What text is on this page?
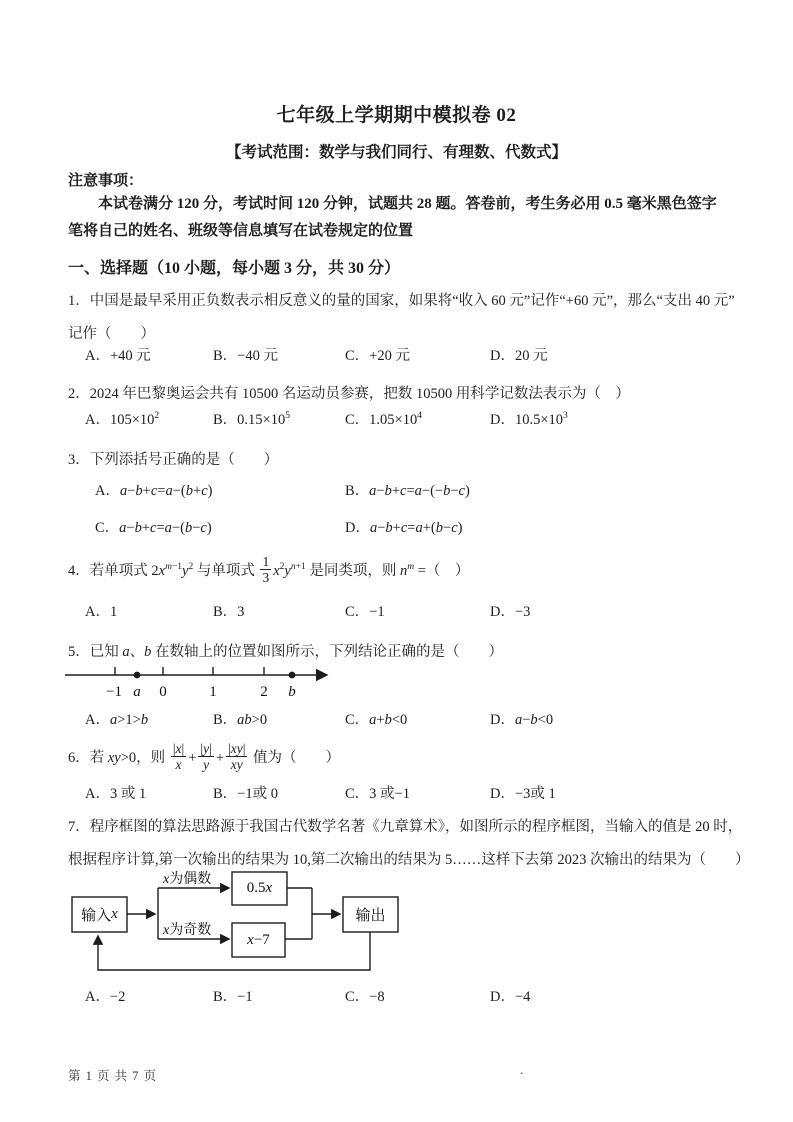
七年级上学期期中模拟卷 02
【考试范围：数学与我们同行、有理数、代数式】
注意事项：
本试卷满分 120 分，考试时间 120 分钟，试题共 28 题。答卷前，考生务必用 0.5 毫米黑色签字笔将自己的姓名、班级等信息填写在试卷规定的位置
一、选择题（10 小题，每小题 3 分，共 30 分）
1．中国是最早采用正负数表示相反意义的量的国家，如果将“收入 60 元”记作“+60 元”，那么“支出 40 元”
记作（　　）
A．+40 元	B．−40 元	C．+20 元	D．20 元
2．2024 年巴黎奥运会共有 10500 名运动员参赛，把数 10500 用科学记数法表示为（　）
A．$105\times 10^2$	B．$0.15\times 10^5$	C．$1.05\times 10^4$	D．$10.5\times 10^3$
3．下列添括号正确的是（　　）
A．a−b+c=a−(b+c)	B．a−b+c=a−(−b−c)
C．a−b+c=a−(b−c)	D．a−b+c=a+(b−c)
4．若单项式 $2x^{m-1}y^2$ 与单项式 $\frac{1}{3} x^2y^{n+1}$ 是同类项，则 $n^m$ =（　）
A．1	B．3	C．−1	D．−3
5．已知 a、b 在数轴上的位置如图所示，下列结论正确的是（　　）
−1 a 0	1	2 b
A．a>1>b	B．ab>0	C．a+b<0	D．a−b<0
6．若 xy>0，则 $\frac{|x|}{x} + \frac{|y|}{y} + \frac{|xy|}{xy}$ 值为（　　）
A．3 或 1	B．−1或 0	C．3 或−1	D．−3或 1
7．程序框图的算法思路源于我国古代数学名著《九章算术》，如图所示的程序框图，当输入的值是 20 时，
根据程序计算,第一次输出的结果为 10,第二次输出的结果为 5……这样下去第 2023 次输出的结果为（　　）
输入 x
0.5 x
x −7
输出
x为偶数
x为奇数
A．−2	B．−1	C．−8	D．−4
第 1 页 共 7 页	.
